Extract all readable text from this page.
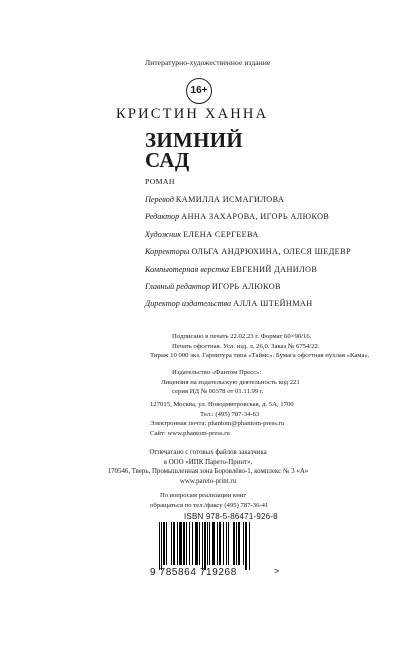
Литературно-художественное издание
16+
КРИСТИН ХАННА
ЗИМНИЙ
САД
РОМАН
Перевод КАМИЛЛА ИСМАГИЛОВА
Редактор АННА ЗАХАРОВА, ИГОРЬ АЛЮКОВ
Художник ЕЛЕНА СЕРГЕЕВА
Корректоры ОЛЬГА АНДРЮХИНА, ОЛЕСЯ ШЕДЕВР
Компьютерная верстка ЕВГЕНИЙ ДАНИЛОВ
Главный редактор ИГОРЬ АЛЮКОВ
Директор издательства АЛЛА ШТЕЙНМАН
Подписано в печать 22.02.23 г. Формат 60×90/16.
Печать офсетная. Усл. изд. л. 26,0. Заказ № 6754/22.
Тираж 10 000 экз. Гарнитура типа «Таймс». Бумага офсетная пухлая «Кама».
Издательство «Фантом Пресс»:
Лицензия на издательскую деятельность код 221
серия ИД № 00378 от 01.11.99 г.
127015, Москва, ул. Новодмитровская, д. 5А, 1700
Тел.: (495) 787-34-63
Электронная почта: phantom@phantom-press.ru
Сайт: www.phantom-press.ru
Отпечатано с готовых файлов заказчика
в ООО «ИПК Парето-Принт»,
170546, Тверь, Промышленная зона Боровлёво-1, комплекс № 3 «А»
www.pareto-print.ru
По вопросам реализации книг
обращаться по тел./факсу (495) 787-36-41
ISBN 978-5-86471-926-8
9 785864 719268	>
